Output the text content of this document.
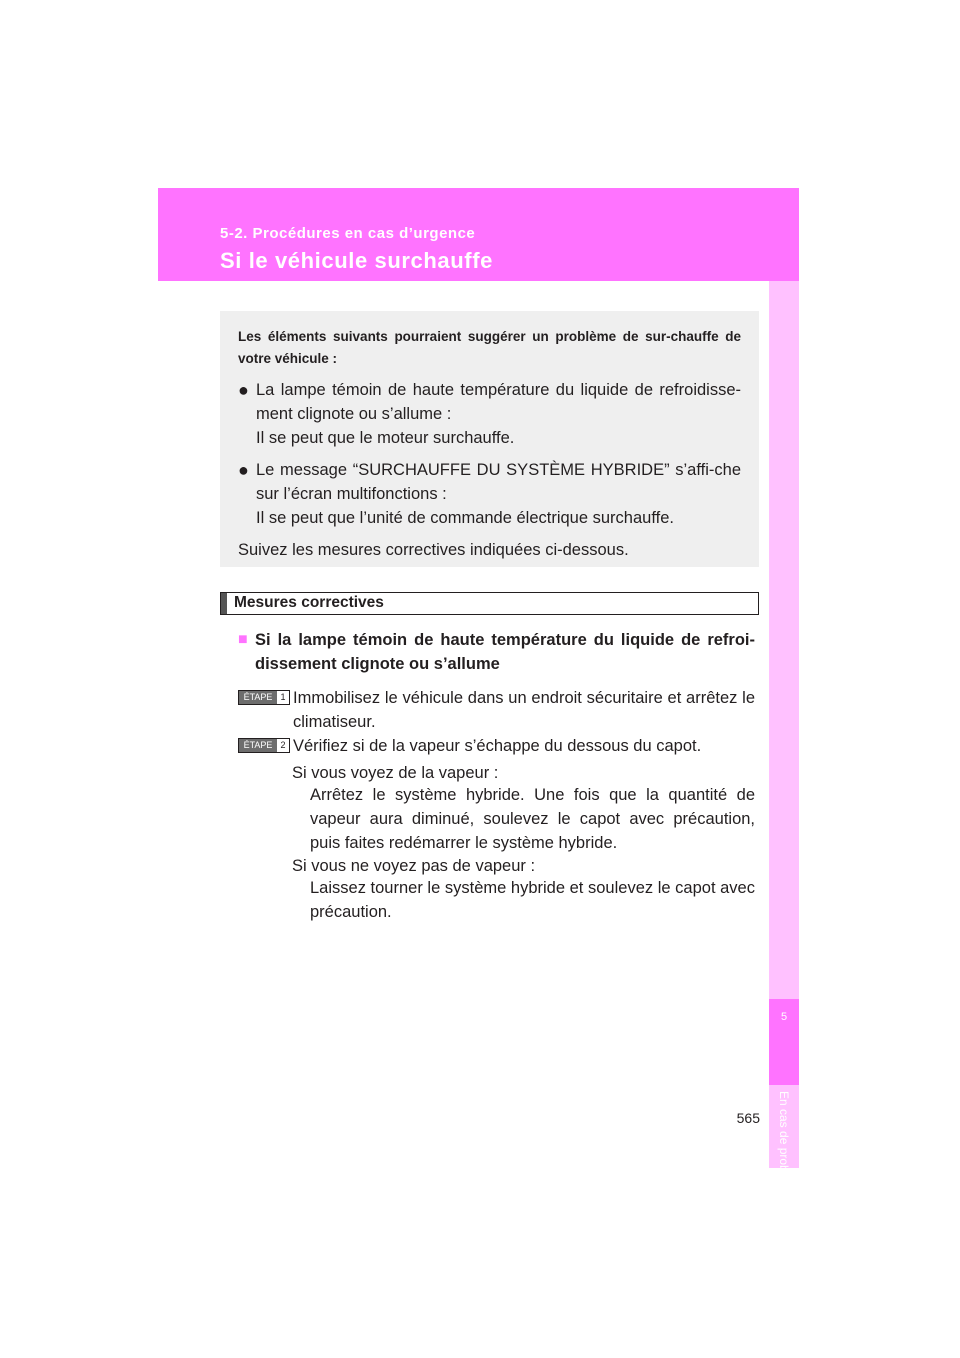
5-2. Procédures en cas d’urgence
Si le véhicule surchauffe
5
En cas de problème

Les éléments suivants pourraient suggérer un problème de sur-chauffe de votre véhicule :

● La lampe témoin de haute température du liquide de refroidisse-ment clignote ou s’allume :
Il se peut que le moteur surchauffe.
● Le message “SURCHAUFFE DU SYSTÈME HYBRIDE” s’affi-che sur l’écran multifonctions :
Il se peut que l’unité de commande électrique surchauffe.

Suivez les mesures correctives indiquées ci-dessous.

Mesures correctives
■ Si la lampe témoin de haute température du liquide de refroi-dissement clignote ou s’allume
ÉTAPE 1 Immobilisez le véhicule dans un endroit sécuritaire et arrêtez le climatiseur.
ÉTAPE 2 Vérifiez si de la vapeur s’échappe du dessous du capot.
Si vous voyez de la vapeur :
Arrêtez le système hybride. Une fois que la quantité de vapeur aura diminué, soulevez le capot avec précaution, puis faites redémarrer le système hybride.
Si vous ne voyez pas de vapeur :
Laissez tourner le système hybride et soulevez le capot avec précaution.
565
